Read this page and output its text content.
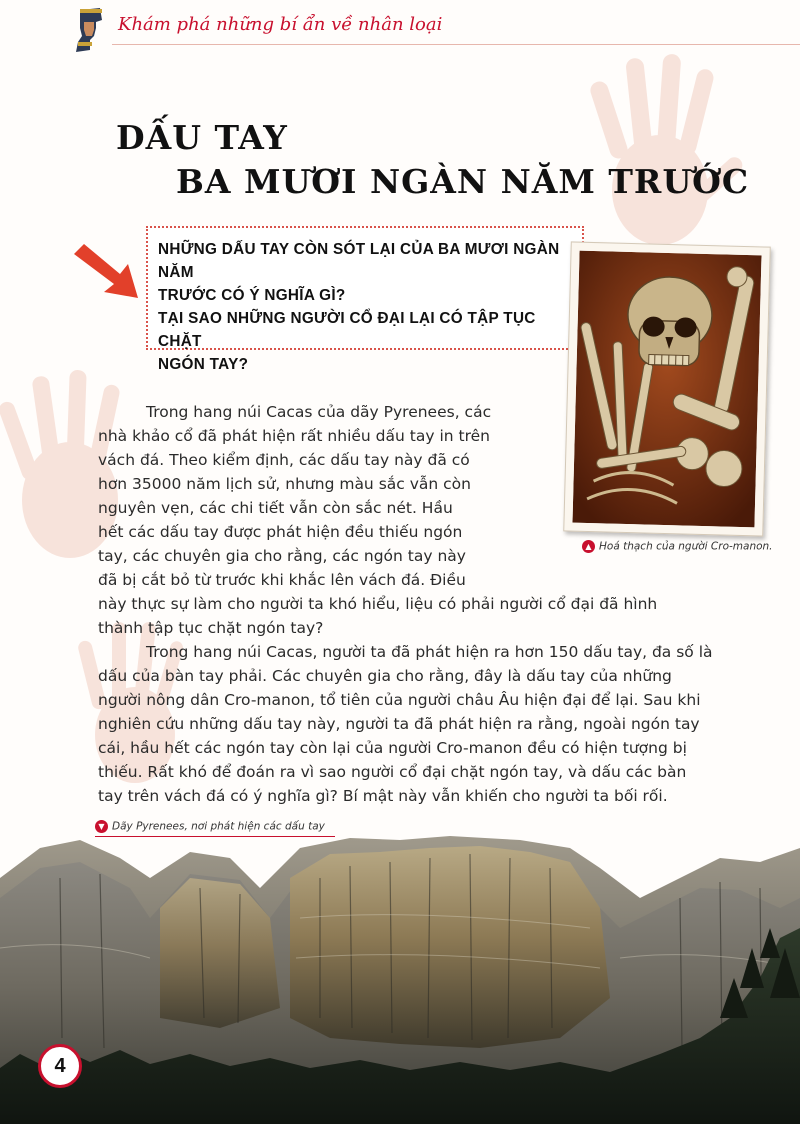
Khám phá những bí ẩn về nhân loại
DẤU TAY
BA MƯƠI NGÀN NĂM TRƯỚC

NHỮNG DẤU TAY CÒN SÓT LẠI CỦA BA MƯƠI NGÀN NĂM

TRƯỚC CÓ Ý NGHĨA GÌ?

TẠI SAO NHỮNG NGƯỜI CỔ ĐẠI LẠI CÓ TẬP TỤC CHẶT

NGÓN TAY?

▲ Hoá thạch của người Cro-manon.
Trong hang núi Cacas của dãy Pyrenees, các
nhà khảo cổ đã phát hiện rất nhiều dấu tay in trên
vách đá. Theo kiểm định, các dấu tay này đã có
hơn 35000 năm lịch sử, nhưng màu sắc vẫn còn
nguyên vẹn, các chi tiết vẫn còn sắc nét. Hầu
hết các dấu tay được phát hiện đều thiếu ngón
tay, các chuyên gia cho rằng, các ngón tay này
đã bị cắt bỏ từ trước khi khắc lên vách đá. Điều
này thực sự làm cho người ta khó hiểu, liệu có phải người cổ đại đã hình
thành tập tục chặt ngón tay?
Trong hang núi Cacas, người ta đã phát hiện ra hơn 150 dấu tay, đa số là
dấu của bàn tay phải. Các chuyên gia cho rằng, đây là dấu tay của những
người nông dân Cro-manon, tổ tiên của người châu Âu hiện đại để lại. Sau khi
nghiên cứu những dấu tay này, người ta đã phát hiện ra rằng, ngoài ngón tay
cái, hầu hết các ngón tay còn lại của người Cro-manon đều có hiện tượng bị
thiếu. Rất khó để đoán ra vì sao người cổ đại chặt ngón tay, và dấu các bàn
tay trên vách đá có ý nghĩa gì? Bí mật này vẫn khiến cho người ta bối rối.
▼ Dãy Pyrenees, nơi phát hiện các dấu tay
4
